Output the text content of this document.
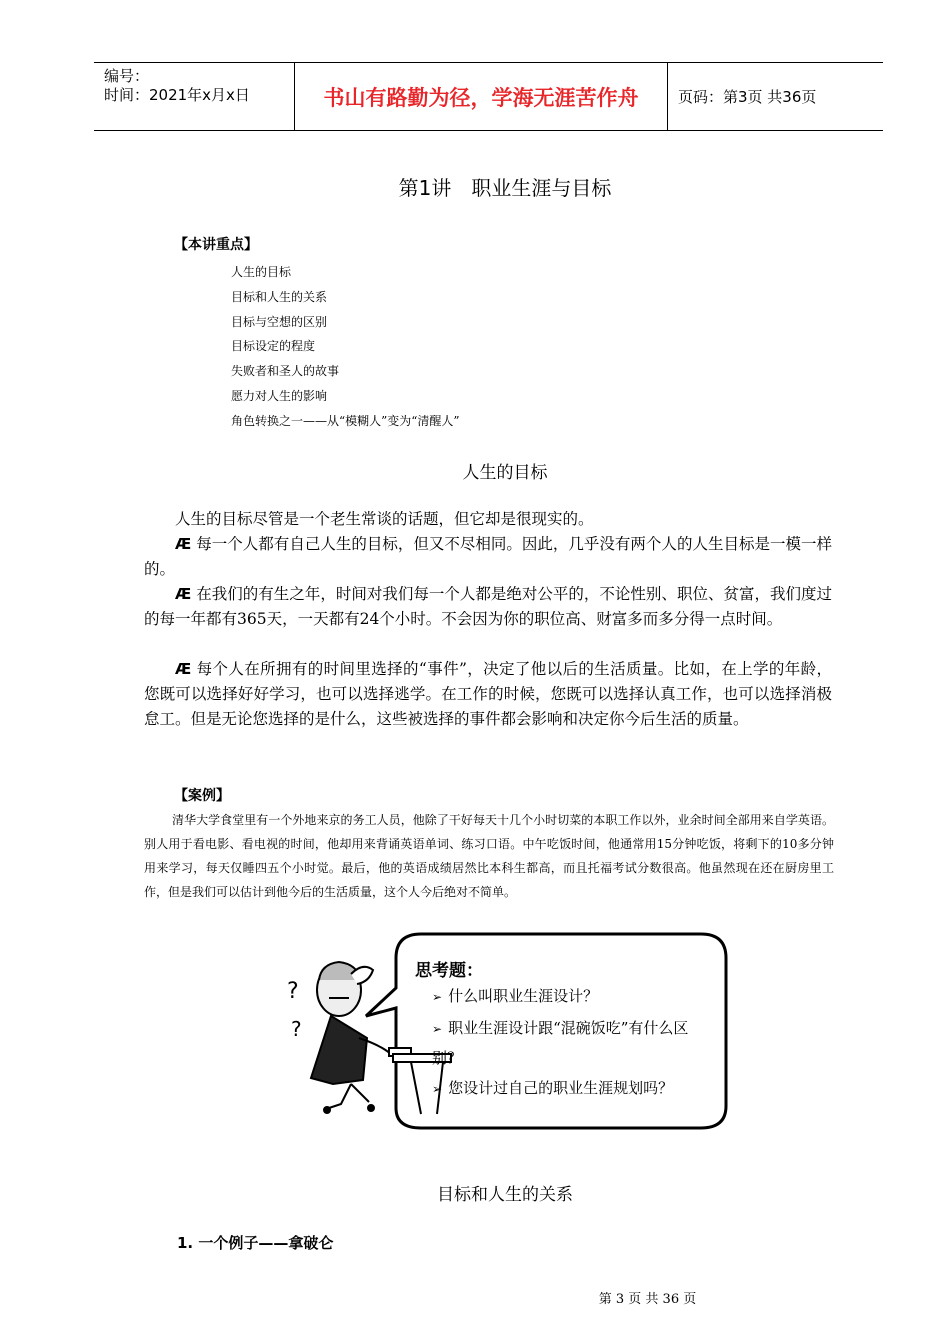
编号：
时间：2021年x月x日	书山有路勤为径，学海无涯苦作舟	页码：第3页 共36页
第1讲　职业生涯与目标
【本讲重点】
人生的目标
目标和人生的关系
目标与空想的区别
目标设定的程度
失败者和圣人的故事
愿力对人生的影响
角色转换之一——从“模糊人”变为“清醒人”
人生的目标

人生的目标尽管是一个老生常谈的话题，但它却是很现实的。

Æ 每一个人都有自己人生的目标，但又不尽相同。因此，几乎没有两个人的人生目标是一模一样的。

Æ 在我们的有生之年，时间对我们每一个人都是绝对公平的，不论性别、职位、贫富，我们度过的每一年都有365天，一天都有24个小时。不会因为你的职位高、财富多而多分得一点时间。

Æ 每个人在所拥有的时间里选择的“事件”，决定了他以后的生活质量。比如，在上学的年龄，您既可以选择好好学习，也可以选择逃学。在工作的时候，您既可以选择认真工作，也可以选择消极怠工。但是无论您选择的是什么，这些被选择的事件都会影响和决定你今后生活的质量。

【案例】

清华大学食堂里有一个外地来京的务工人员，他除了干好每天十几个小时切菜的本职工作以外，业余时间全部用来自学英语。别人用于看电影、看电视的时间，他却用来背诵英语单词、练习口语。中午吃饭时间，他通常用15分钟吃饭，将剩下的10多分钟用来学习，每天仅睡四五个小时觉。最后，他的英语成绩居然比本科生都高，而且托福考试分数很高。他虽然现在还在厨房里工作，但是我们可以估计到他今后的生活质量，这个人今后绝对不简单。

?
?
思考题：
➢ 什么叫职业生涯设计？
➢ 职业生涯设计跟“混碗饭吃”有什么区别？
➢ 您设计过自己的职业生涯规划吗？
目标和人生的关系
1. 一个例子——拿破仑
第 3 页 共 36 页
